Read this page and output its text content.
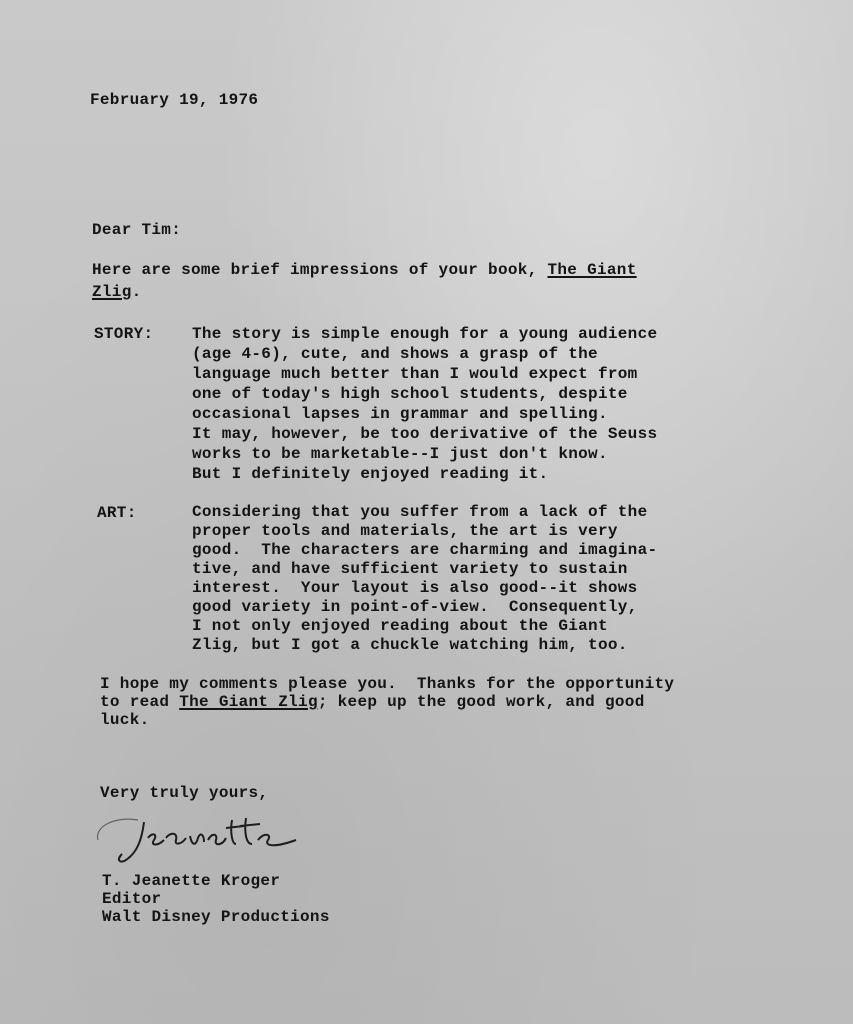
February 19, 1976
Dear Tim:
Here are some brief impressions of your book, The Giant
Zlig.
STORY: The story is simple enough for a young audience
(age 4-6), cute, and shows a grasp of the
language much better than I would expect from
one of today's high school students, despite
occasional lapses in grammar and spelling.
It may, however, be too derivative of the Seuss
works to be marketable--I just don't know.
But I definitely enjoyed reading it.
ART:	Considering that you suffer from a lack of the
proper tools and materials, the art is very
good.  The characters are charming and imagina-
tive, and have sufficient variety to sustain
interest.  Your layout is also good--it shows
good variety in point-of-view.  Consequently,
I not only enjoyed reading about the Giant
Zlig, but I got a chuckle watching him, too.
I hope my comments please you.  Thanks for the opportunity
to read The Giant Zlig; keep up the good work, and good
luck.
Very truly yours,
T. Jeanette Kroger
Editor
Walt Disney Productions
